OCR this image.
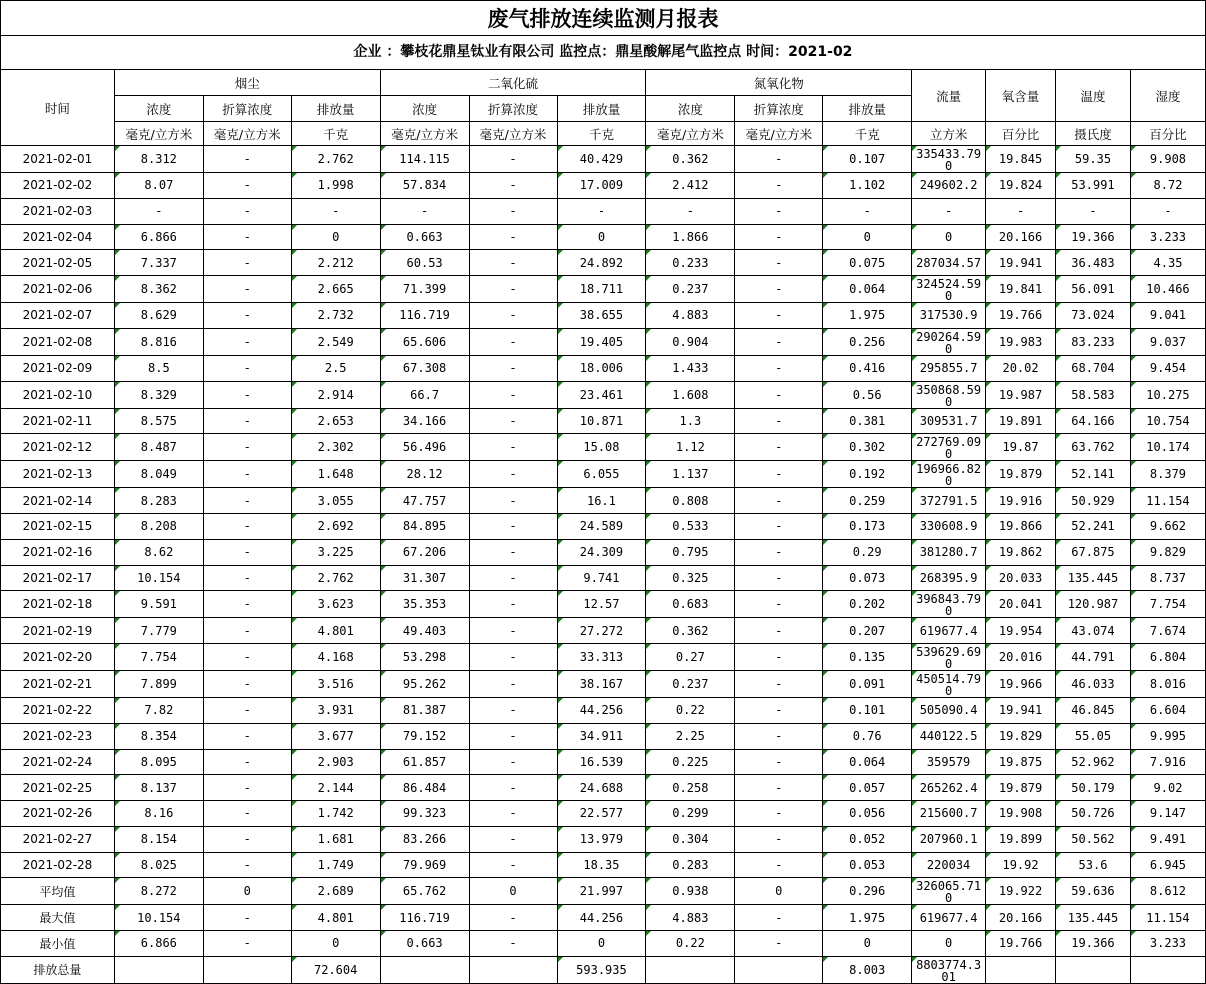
废气排放连续监测月报表
企业 ：攀枝花鼎星钛业有限公司 监控点：鼎星酸解尾气监控点 时间：2021-02
时间	烟尘			二氧化硫			氮氧化物			流量	氧含量	温度	湿度
	浓度	折算浓度	排放量	浓度	折算浓度	排放量	浓度	折算浓度	排放量				
	毫克/立方米	毫克/立方米	千克	毫克/立方米	毫克/立方米	千克	毫克/立方米	毫克/立方米	千克	立方米	百分比	摄氏度	百分比
2021-02-01	8.312	-	2.762	114.115	-	40.429	0.362	-	0.107	335433.79 0	19.845	59.35	9.908
2021-02-02	8.07	-	1.998	57.834	-	17.009	2.412	-	1.102	249602.2	19.824	53.991	8.72
2021-02-03	-	-	-	-	-	-	-	-	-	-	-	-	-
2021-02-04	6.866	-	0	0.663	-	0	1.866	-	0	0	20.166	19.366	3.233
2021-02-05	7.337	-	2.212	60.53	-	24.892	0.233	-	0.075	287034.57	19.941	36.483	4.35
2021-02-06	8.362	-	2.665	71.399	-	18.711	0.237	-	0.064	324524.59 0	19.841	56.091	10.466
2021-02-07	8.629	-	2.732	116.719	-	38.655	4.883	-	1.975	317530.9	19.766	73.024	9.041
2021-02-08	8.816	-	2.549	65.606	-	19.405	0.904	-	0.256	290264.59 0	19.983	83.233	9.037
2021-02-09	8.5	-	2.5	67.308	-	18.006	1.433	-	0.416	295855.7	20.02	68.704	9.454
2021-02-10	8.329	-	2.914	66.7	-	23.461	1.608	-	0.56	350868.59 0	19.987	58.583	10.275
2021-02-11	8.575	-	2.653	34.166	-	10.871	1.3	-	0.381	309531.7	19.891	64.166	10.754
2021-02-12	8.487	-	2.302	56.496	-	15.08	1.12	-	0.302	272769.09 0	19.87	63.762	10.174
2021-02-13	8.049	-	1.648	28.12	-	6.055	1.137	-	0.192	196966.82 0	19.879	52.141	8.379
2021-02-14	8.283	-	3.055	47.757	-	16.1	0.808	-	0.259	372791.5	19.916	50.929	11.154
2021-02-15	8.208	-	2.692	84.895	-	24.589	0.533	-	0.173	330608.9	19.866	52.241	9.662
2021-02-16	8.62	-	3.225	67.206	-	24.309	0.795	-	0.29	381280.7	19.862	67.875	9.829
2021-02-17	10.154	-	2.762	31.307	-	9.741	0.325	-	0.073	268395.9	20.033	135.445	8.737
2021-02-18	9.591	-	3.623	35.353	-	12.57	0.683	-	0.202	396843.79 0	20.041	120.987	7.754
2021-02-19	7.779	-	4.801	49.403	-	27.272	0.362	-	0.207	619677.4	19.954	43.074	7.674
2021-02-20	7.754	-	4.168	53.298	-	33.313	0.27	-	0.135	539629.69 0	20.016	44.791	6.804
2021-02-21	7.899	-	3.516	95.262	-	38.167	0.237	-	0.091	450514.79 0	19.966	46.033	8.016
2021-02-22	7.82	-	3.931	81.387	-	44.256	0.22	-	0.101	505090.4	19.941	46.845	6.604
2021-02-23	8.354	-	3.677	79.152	-	34.911	2.25	-	0.76	440122.5	19.829	55.05	9.995
2021-02-24	8.095	-	2.903	61.857	-	16.539	0.225	-	0.064	359579	19.875	52.962	7.916
2021-02-25	8.137	-	2.144	86.484	-	24.688	0.258	-	0.057	265262.4	19.879	50.179	9.02
2021-02-26	8.16	-	1.742	99.323	-	22.577	0.299	-	0.056	215600.7	19.908	50.726	9.147
2021-02-27	8.154	-	1.681	83.266	-	13.979	0.304	-	0.052	207960.1	19.899	50.562	9.491
2021-02-28	8.025	-	1.749	79.969	-	18.35	0.283	-	0.053	220034	19.92	53.6	6.945
平均值	8.272	0	2.689	65.762	0	21.997	0.938	0	0.296	326065.71 0	19.922	59.636	8.612
最大值	10.154	-	4.801	116.719	-	44.256	4.883	-	1.975	619677.4	20.166	135.445	11.154
最小值	6.866	-	0	0.663	-	0	0.22	-	0	0	19.766	19.366	3.233
排放总量			72.604			593.935			8.003	8803774.3 01			
